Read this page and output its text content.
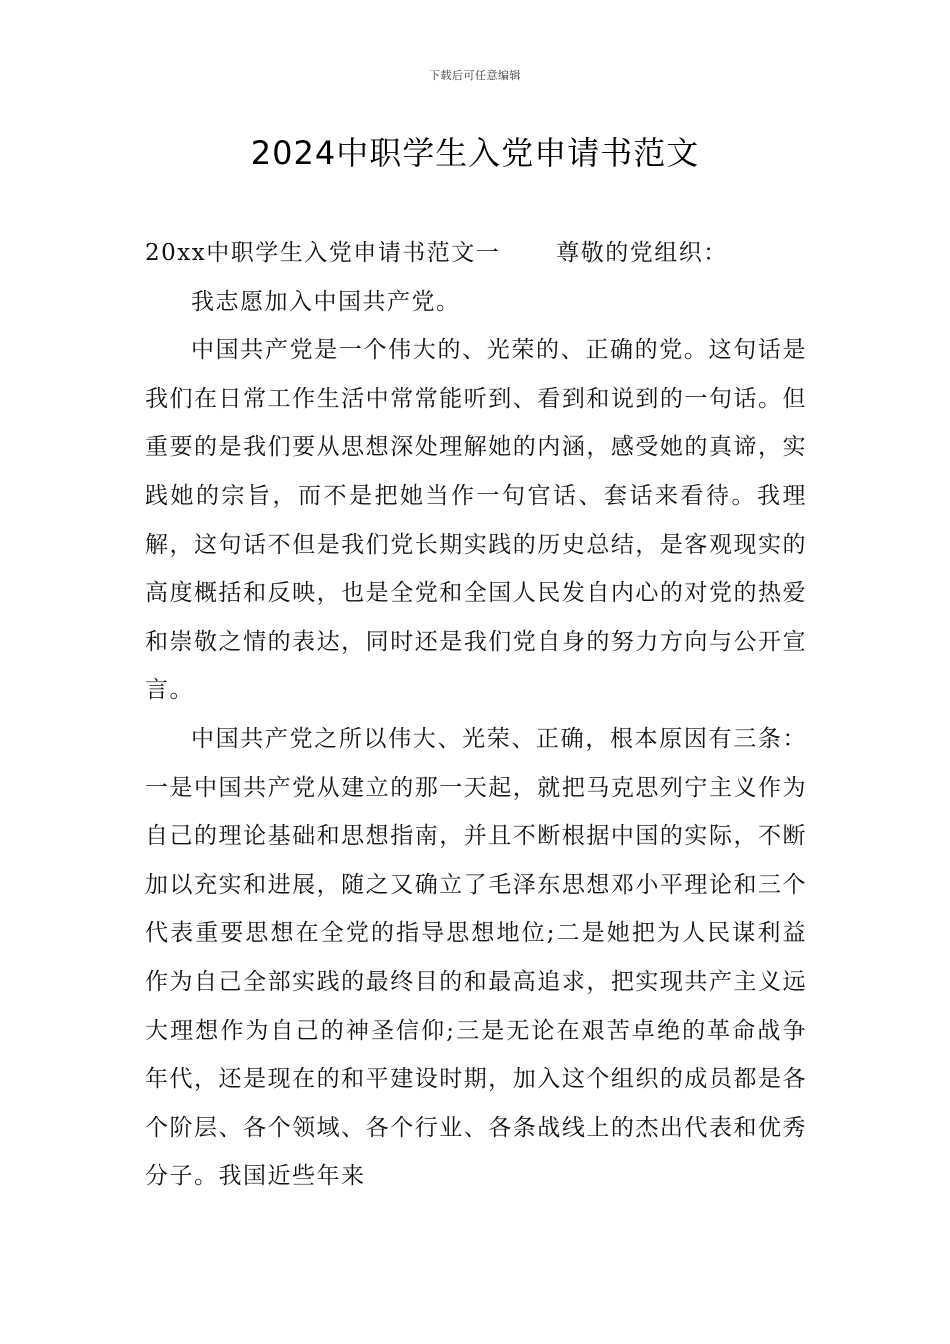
下载后可任意编辑
2024中职学生入党申请书范文

20xx中职学生入党申请书范文一 尊敬的党组织：

我志愿加入中国共产党。

中国共产党是一个伟大的、光荣的、正确的党。这句话是我们在日常工作生活中常常能听到、看到和说到的一句话。但重要的是我们要从思想深处理解她的内涵，感受她的真谛，实践她的宗旨，而不是把她当作一句官话、套话来看待。我理解，这句话不但是我们党长期实践的历史总结，是客观现实的高度概括和反映，也是全党和全国人民发自内心的对党的热爱和崇敬之情的表达，同时还是我们党自身的努力方向与公开宣言。

中国共产党之所以伟大、光荣、正确，根本原因有三条：一是中国共产党从建立的那一天起，就把马克思列宁主义作为自己的理论基础和思想指南，并且不断根据中国的实际，不断加以充实和进展，随之又确立了毛泽东思想邓小平理论和三个代表重要思想在全党的指导思想地位;二是她把为人民谋利益作为自己全部实践的最终目的和最高追求，把实现共产主义远大理想作为自己的神圣信仰;三是无论在艰苦卓绝的革命战争年代，还是现在的和平建设时期，加入这个组织的成员都是各个阶层、各个领域、各个行业、各条战线上的杰出代表和优秀分子。我国近些年来
